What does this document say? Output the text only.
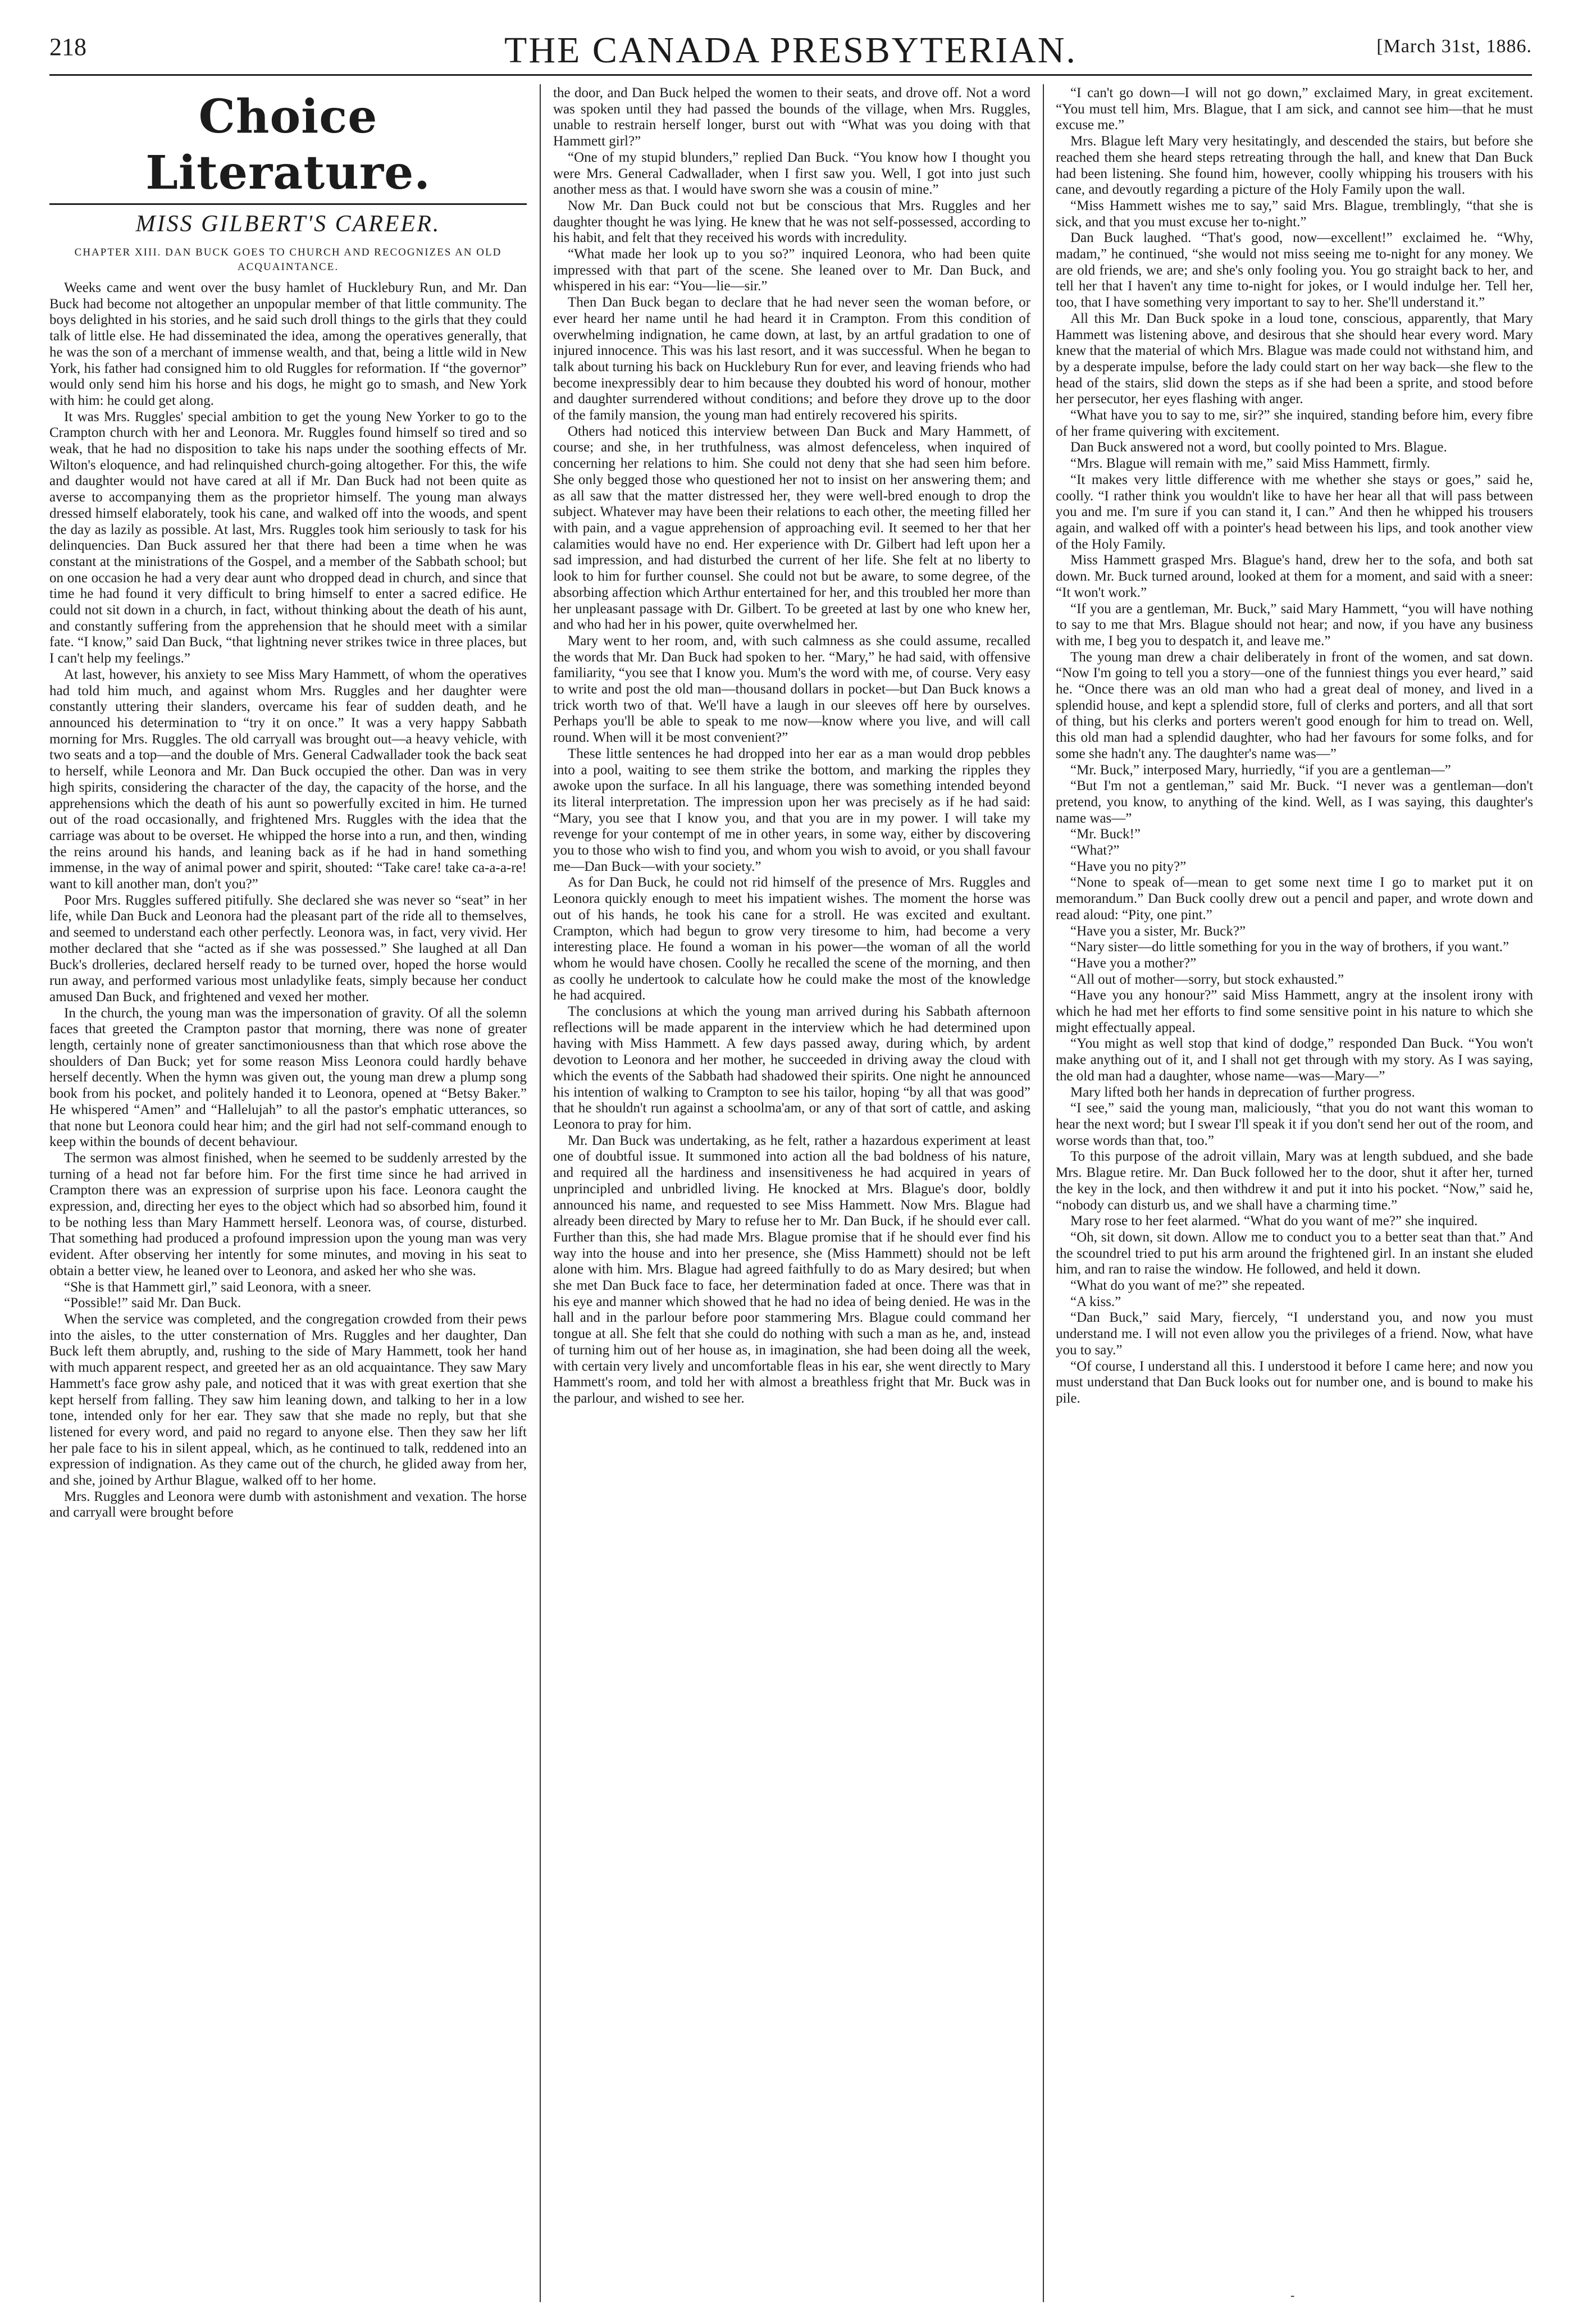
218	THE CANADA PRESBYTERIAN.	[March 31st, 1886.
Choice Literature.
MISS GILBERT'S CAREER.
CHAPTER XIII. DAN BUCK GOES TO CHURCH AND RECOGNIZES AN OLD ACQUAINTANCE.

Weeks came and went over the busy hamlet of Hucklebury Run, and Mr. Dan Buck had become not altogether an unpopular member of that little community. The boys delighted in his stories, and he said such droll things to the girls that they could talk of little else. He had disseminated the idea, among the operatives generally, that he was the son of a merchant of immense wealth, and that, being a little wild in New York, his father had consigned him to old Ruggles for reformation. If “the governor” would only send him his horse and his dogs, he might go to smash, and New York with him: he could get along.

It was Mrs. Ruggles' special ambition to get the young New Yorker to go to the Crampton church with her and Leonora. Mr. Ruggles found himself so tired and so weak, that he had no disposition to take his naps under the soothing effects of Mr. Wilton's eloquence, and had relinquished church-going altogether. For this, the wife and daughter would not have cared at all if Mr. Dan Buck had not been quite as averse to accompanying them as the proprietor himself. The young man always dressed himself elaborately, took his cane, and walked off into the woods, and spent the day as lazily as possible. At last, Mrs. Ruggles took him seriously to task for his delinquencies. Dan Buck assured her that there had been a time when he was constant at the ministrations of the Gospel, and a member of the Sabbath school; but on one occasion he had a very dear aunt who dropped dead in church, and since that time he had found it very difficult to bring himself to enter a sacred edifice. He could not sit down in a church, in fact, without thinking about the death of his aunt, and constantly suffering from the apprehension that he should meet with a similar fate. “I know,” said Dan Buck, “that lightning never strikes twice in three places, but I can't help my feelings.”

At last, however, his anxiety to see Miss Mary Hammett, of whom the operatives had told him much, and against whom Mrs. Ruggles and her daughter were constantly uttering their slanders, overcame his fear of sudden death, and he announced his determination to “try it on once.” It was a very happy Sabbath morning for Mrs. Ruggles. The old carryall was brought out—a heavy vehicle, with two seats and a top—and the double of Mrs. General Cadwallader took the back seat to herself, while Leonora and Mr. Dan Buck occupied the other. Dan was in very high spirits, considering the character of the day, the capacity of the horse, and the apprehensions which the death of his aunt so powerfully excited in him. He turned out of the road occasionally, and frightened Mrs. Ruggles with the idea that the carriage was about to be overset. He whipped the horse into a run, and then, winding the reins around his hands, and leaning back as if he had in hand something immense, in the way of animal power and spirit, shouted: “Take care! take ca-a-a-re! want to kill another man, don't you?”

Poor Mrs. Ruggles suffered pitifully. She declared she was never so “seat” in her life, while Dan Buck and Leonora had the pleasant part of the ride all to themselves, and seemed to understand each other perfectly. Leonora was, in fact, very vivid. Her mother declared that she “acted as if she was possessed.” She laughed at all Dan Buck's drolleries, declared herself ready to be turned over, hoped the horse would run away, and performed various most unladylike feats, simply because her conduct amused Dan Buck, and frightened and vexed her mother.

In the church, the young man was the impersonation of gravity. Of all the solemn faces that greeted the Crampton pastor that morning, there was none of greater length, certainly none of greater sanctimoniousness than that which rose above the shoulders of Dan Buck; yet for some reason Miss Leonora could hardly behave herself decently. When the hymn was given out, the young man drew a plump song book from his pocket, and politely handed it to Leonora, opened at “Betsy Baker.” He whispered “Amen” and “Hallelujah” to all the pastor's emphatic utterances, so that none but Leonora could hear him; and the girl had not self-command enough to keep within the bounds of decent behaviour.

The sermon was almost finished, when he seemed to be suddenly arrested by the turning of a head not far before him. For the first time since he had arrived in Crampton there was an expression of surprise upon his face. Leonora caught the expression, and, directing her eyes to the object which had so absorbed him, found it to be nothing less than Mary Hammett herself. Leonora was, of course, disturbed. That something had produced a profound impression upon the young man was very evident. After observing her intently for some minutes, and moving in his seat to obtain a better view, he leaned over to Leonora, and asked her who she was.

“She is that Hammett girl,” said Leonora, with a sneer.

“Possible!” said Mr. Dan Buck.

When the service was completed, and the congregation crowded from their pews into the aisles, to the utter consternation of Mrs. Ruggles and her daughter, Dan Buck left them abruptly, and, rushing to the side of Mary Hammett, took her hand with much apparent respect, and greeted her as an old acquaintance. They saw Mary Hammett's face grow ashy pale, and noticed that it was with great exertion that she kept herself from falling. They saw him leaning down, and talking to her in a low tone, intended only for her ear. They saw that she made no reply, but that she listened for every word, and paid no regard to anyone else. Then they saw her lift her pale face to his in silent appeal, which, as he continued to talk, reddened into an expression of indignation. As they came out of the church, he glided away from her, and she, joined by Arthur Blague, walked off to her home.

Mrs. Ruggles and Leonora were dumb with astonishment and vexation. The horse and carryall were brought before

the door, and Dan Buck helped the women to their seats, and drove off. Not a word was spoken until they had passed the bounds of the village, when Mrs. Ruggles, unable to restrain herself longer, burst out with “What was you doing with that Hammett girl?”

“One of my stupid blunders,” replied Dan Buck. “You know how I thought you were Mrs. General Cadwallader, when I first saw you. Well, I got into just such another mess as that. I would have sworn she was a cousin of mine.”

Now Mr. Dan Buck could not but be conscious that Mrs. Ruggles and her daughter thought he was lying. He knew that he was not self-possessed, according to his habit, and felt that they received his words with incredulity.

“What made her look up to you so?” inquired Leonora, who had been quite impressed with that part of the scene. She leaned over to Mr. Dan Buck, and whispered in his ear: “You—lie—sir.”

Then Dan Buck began to declare that he had never seen the woman before, or ever heard her name until he had heard it in Crampton. From this condition of overwhelming indignation, he came down, at last, by an artful gradation to one of injured innocence. This was his last resort, and it was successful. When he began to talk about turning his back on Hucklebury Run for ever, and leaving friends who had become inexpressibly dear to him because they doubted his word of honour, mother and daughter surrendered without conditions; and before they drove up to the door of the family mansion, the young man had entirely recovered his spirits.

Others had noticed this interview between Dan Buck and Mary Hammett, of course; and she, in her truthfulness, was almost defenceless, when inquired of concerning her relations to him. She could not deny that she had seen him before. She only begged those who questioned her not to insist on her answering them; and as all saw that the matter distressed her, they were well-bred enough to drop the subject. Whatever may have been their relations to each other, the meeting filled her with pain, and a vague apprehension of approaching evil. It seemed to her that her calamities would have no end. Her experience with Dr. Gilbert had left upon her a sad impression, and had disturbed the current of her life. She felt at no liberty to look to him for further counsel. She could not but be aware, to some degree, of the absorbing affection which Arthur entertained for her, and this troubled her more than her unpleasant passage with Dr. Gilbert. To be greeted at last by one who knew her, and who had her in his power, quite overwhelmed her.

Mary went to her room, and, with such calmness as she could assume, recalled the words that Mr. Dan Buck had spoken to her. “Mary,” he had said, with offensive familiarity, “you see that I know you. Mum's the word with me, of course. Very easy to write and post the old man—thousand dollars in pocket—but Dan Buck knows a trick worth two of that. We'll have a laugh in our sleeves off here by ourselves. Perhaps you'll be able to speak to me now—know where you live, and will call round. When will it be most convenient?”

These little sentences he had dropped into her ear as a man would drop pebbles into a pool, waiting to see them strike the bottom, and marking the ripples they awoke upon the surface. In all his language, there was something intended beyond its literal interpretation. The impression upon her was precisely as if he had said: “Mary, you see that I know you, and that you are in my power. I will take my revenge for your contempt of me in other years, in some way, either by discovering you to those who wish to find you, and whom you wish to avoid, or you shall favour me—Dan Buck—with your society.”

As for Dan Buck, he could not rid himself of the presence of Mrs. Ruggles and Leonora quickly enough to meet his impatient wishes. The moment the horse was out of his hands, he took his cane for a stroll. He was excited and exultant. Crampton, which had begun to grow very tiresome to him, had become a very interesting place. He found a woman in his power—the woman of all the world whom he would have chosen. Coolly he recalled the scene of the morning, and then as coolly he undertook to calculate how he could make the most of the knowledge he had acquired.

The conclusions at which the young man arrived during his Sabbath afternoon reflections will be made apparent in the interview which he had determined upon having with Miss Hammett. A few days passed away, during which, by ardent devotion to Leonora and her mother, he succeeded in driving away the cloud with which the events of the Sabbath had shadowed their spirits. One night he announced his intention of walking to Crampton to see his tailor, hoping “by all that was good” that he shouldn't run against a schoolma'am, or any of that sort of cattle, and asking Leonora to pray for him.

Mr. Dan Buck was undertaking, as he felt, rather a hazardous experiment at least one of doubtful issue. It summoned into action all the bad boldness of his nature, and required all the hardiness and insensitiveness he had acquired in years of unprincipled and unbridled living. He knocked at Mrs. Blague's door, boldly announced his name, and requested to see Miss Hammett. Now Mrs. Blague had already been directed by Mary to refuse her to Mr. Dan Buck, if he should ever call. Further than this, she had made Mrs. Blague promise that if he should ever find his way into the house and into her presence, she (Miss Hammett) should not be left alone with him. Mrs. Blague had agreed faithfully to do as Mary desired; but when she met Dan Buck face to face, her determination faded at once. There was that in his eye and manner which showed that he had no idea of being denied. He was in the hall and in the parlour before poor stammering Mrs. Blague could command her tongue at all. She felt that she could do nothing with such a man as he, and, instead of turning him out of her house as, in imagination, she had been doing all the week, with certain very lively and uncomfortable fleas in his ear, she went directly to Mary Hammett's room, and told her with almost a breathless fright that Mr. Buck was in the parlour, and wished to see her.

“I can't go down—I will not go down,” exclaimed Mary, in great excitement. “You must tell him, Mrs. Blague, that I am sick, and cannot see him—that he must excuse me.”

Mrs. Blague left Mary very hesitatingly, and descended the stairs, but before she reached them she heard steps retreating through the hall, and knew that Dan Buck had been listening. She found him, however, coolly whipping his trousers with his cane, and devoutly regarding a picture of the Holy Family upon the wall.

“Miss Hammett wishes me to say,” said Mrs. Blague, tremblingly, “that she is sick, and that you must excuse her to-night.”

Dan Buck laughed. “That's good, now—excellent!” exclaimed he. “Why, madam,” he continued, “she would not miss seeing me to-night for any money. We are old friends, we are; and she's only fooling you. You go straight back to her, and tell her that I haven't any time to-night for jokes, or I would indulge her. Tell her, too, that I have something very important to say to her. She'll understand it.”

All this Mr. Dan Buck spoke in a loud tone, conscious, apparently, that Mary Hammett was listening above, and desirous that she should hear every word. Mary knew that the material of which Mrs. Blague was made could not withstand him, and by a desperate impulse, before the lady could start on her way back—she flew to the head of the stairs, slid down the steps as if she had been a sprite, and stood before her persecutor, her eyes flashing with anger.

“What have you to say to me, sir?” she inquired, standing before him, every fibre of her frame quivering with excitement.

Dan Buck answered not a word, but coolly pointed to Mrs. Blague.

“Mrs. Blague will remain with me,” said Miss Hammett, firmly.

“It makes very little difference with me whether she stays or goes,” said he, coolly. “I rather think you wouldn't like to have her hear all that will pass between you and me. I'm sure if you can stand it, I can.” And then he whipped his trousers again, and walked off with a pointer's head between his lips, and took another view of the Holy Family.

Miss Hammett grasped Mrs. Blague's hand, drew her to the sofa, and both sat down. Mr. Buck turned around, looked at them for a moment, and said with a sneer: “It won't work.”

“If you are a gentleman, Mr. Buck,” said Mary Hammett, “you will have nothing to say to me that Mrs. Blague should not hear; and now, if you have any business with me, I beg you to despatch it, and leave me.”

The young man drew a chair deliberately in front of the women, and sat down. “Now I'm going to tell you a story—one of the funniest things you ever heard,” said he. “Once there was an old man who had a great deal of money, and lived in a splendid house, and kept a splendid store, full of clerks and porters, and all that sort of thing, but his clerks and porters weren't good enough for him to tread on. Well, this old man had a splendid daughter, who had her favours for some folks, and for some she hadn't any. The daughter's name was—”

“Mr. Buck,” interposed Mary, hurriedly, “if you are a gentleman—”

“But I'm not a gentleman,” said Mr. Buck. “I never was a gentleman—don't pretend, you know, to anything of the kind. Well, as I was saying, this daughter's name was—”

“Mr. Buck!”

“What?”

“Have you no pity?”

“None to speak of—mean to get some next time I go to market put it on memorandum.” Dan Buck coolly drew out a pencil and paper, and wrote down and read aloud: “Pity, one pint.”

“Have you a sister, Mr. Buck?”

“Nary sister—do little something for you in the way of brothers, if you want.”

“Have you a mother?”

“All out of mother—sorry, but stock exhausted.”

“Have you any honour?” said Miss Hammett, angry at the insolent irony with which he had met her efforts to find some sensitive point in his nature to which she might effectually appeal.

“You might as well stop that kind of dodge,” responded Dan Buck. “You won't make anything out of it, and I shall not get through with my story. As I was saying, the old man had a daughter, whose name—was—Mary—”

Mary lifted both her hands in deprecation of further progress.

“I see,” said the young man, maliciously, “that you do not want this woman to hear the next word; but I swear I'll speak it if you don't send her out of the room, and worse words than that, too.”

To this purpose of the adroit villain, Mary was at length subdued, and she bade Mrs. Blague retire. Mr. Dan Buck followed her to the door, shut it after her, turned the key in the lock, and then withdrew it and put it into his pocket. “Now,” said he, “nobody can disturb us, and we shall have a charming time.”

Mary rose to her feet alarmed. “What do you want of me?” she inquired.

“Oh, sit down, sit down. Allow me to conduct you to a better seat than that.” And the scoundrel tried to put his arm around the frightened girl. In an instant she eluded him, and ran to raise the window. He followed, and held it down.

“What do you want of me?” she repeated.

“A kiss.”

“Dan Buck,” said Mary, fiercely, “I understand you, and now you must understand me. I will not even allow you the privileges of a friend. Now, what have you to say.”

“Of course, I understand all this. I understood it before I came here; and now you must understand that Dan Buck looks out for number one, and is bound to make his pile.

-
